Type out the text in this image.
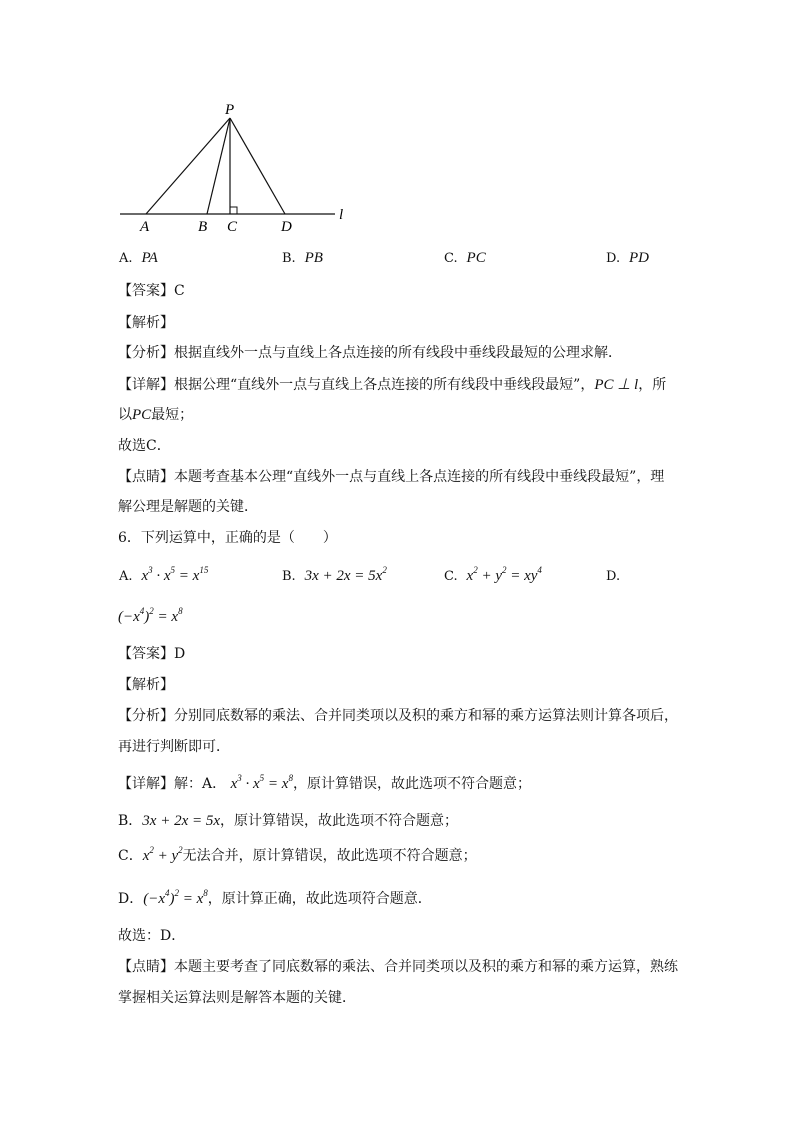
P
A	B C	D
l
A. PA	B. PB	C. PC	D. PD
【答案】C
【解析】
【分析】根据直线外一点与直线上各点连接的所有线段中垂线段最短的公理求解．
【详解】根据公理“直线外一点与直线上各点连接的所有线段中垂线段最短”，PC ⊥ l，所
以PC最短；
故选C．
【点睛】本题考查基本公理“直线外一点与直线上各点连接的所有线段中垂线段最短”，理
解公理是解题的关键．
6．下列运算中，正确的是（　　）
A. $x^3 \cdot x^5 = x^{15}$	B. $3x + 2x = 5x^2$	C. $x^2 + y^2 = xy^4$	D.
$(-x^4)^2 = x^8$
【答案】D
【解析】
【分析】分别同底数幂的乘法、合并同类项以及积的乘方和幂的乘方运算法则计算各项后，
再进行判断即可．
【详解】解：A． $x^3 \cdot x^5 = x^8$，原计算错误，故此选项不符合题意；
B．3x + 2x = 5x，原计算错误，故此选项不符合题意；
C．$x^2 + y^2$无法合并，原计算错误，故此选项不符合题意；
D．$(-x^4)^2 = x^8$，原计算正确，故此选项符合题意．
故选：D．
【点睛】本题主要考查了同底数幂的乘法、合并同类项以及积的乘方和幂的乘方运算，熟练
掌握相关运算法则是解答本题的关键．
